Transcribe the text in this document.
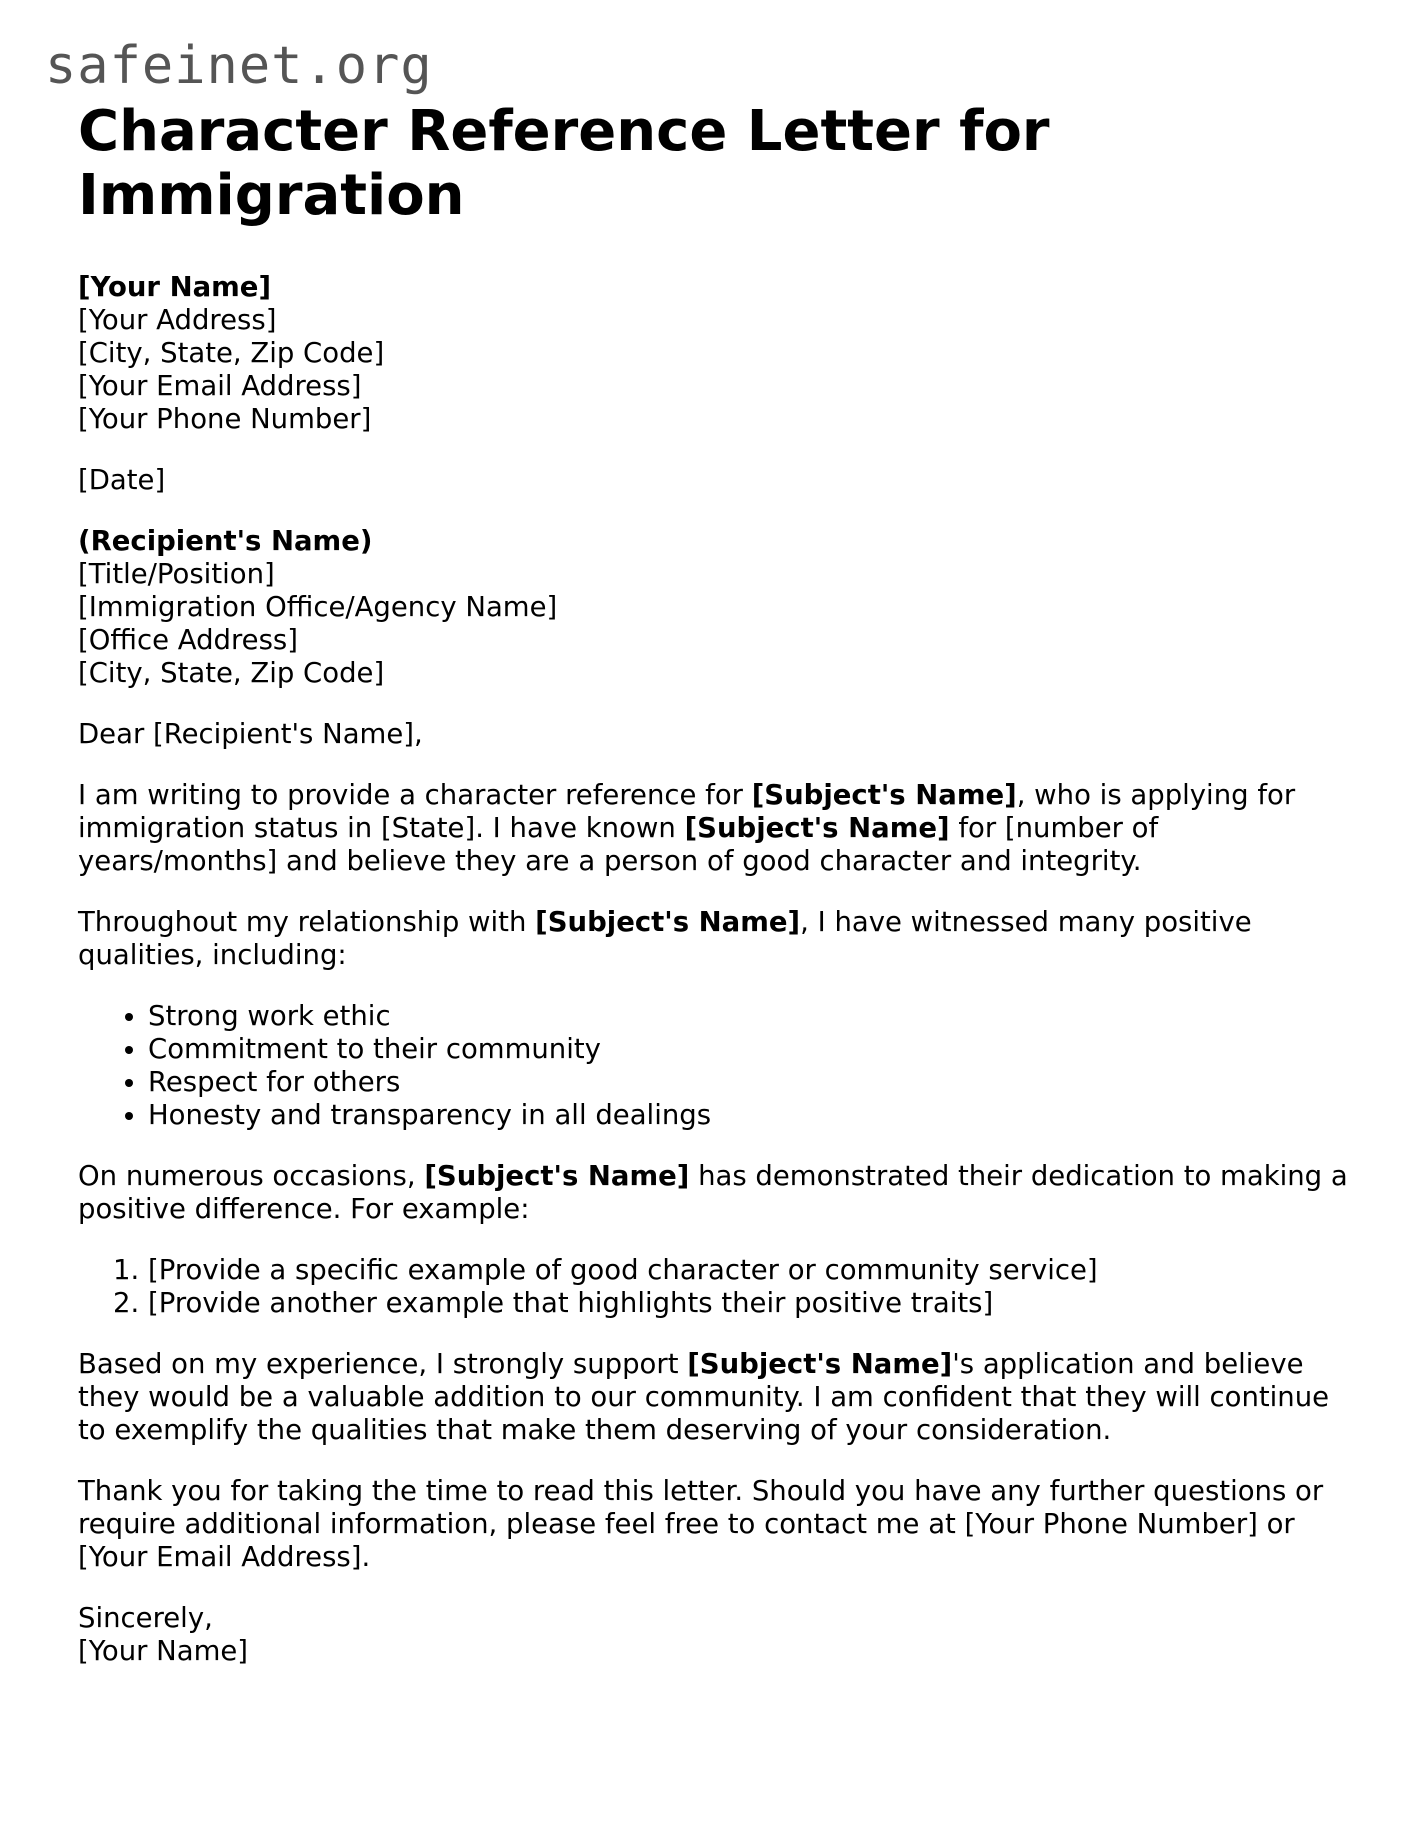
safeinet.org
Character Reference Letter for Immigration
[Your Name]
[Your Address]
[City, State, Zip Code]
[Your Email Address]
[Your Phone Number]
[Date]
(Recipient's Name)
[Title/Position]
[Immigration Office/Agency Name]
[Office Address]
[City, State, Zip Code]

Dear [Recipient's Name],

I am writing to provide a character reference for [Subject's Name], who is applying for immigration status in [State]. I have known [Subject's Name] for [number of years/months] and believe they are a person of good character and integrity.

Throughout my relationship with [Subject's Name], I have witnessed many positive qualities, including:

• Strong work ethic
• Commitment to their community
• Respect for others
• Honesty and transparency in all dealings

On numerous occasions, [Subject's Name] has demonstrated their dedication to making a positive difference. For example:

1. [Provide a specific example of good character or community service]
2. [Provide another example that highlights their positive traits]

Based on my experience, I strongly support [Subject's Name]'s application and believe they would be a valuable addition to our community. I am confident that they will continue to exemplify the qualities that make them deserving of your consideration.

Thank you for taking the time to read this letter. Should you have any further questions or require additional information, please feel free to contact me at [Your Phone Number] or [Your Email Address].

Sincerely,
[Your Name]
